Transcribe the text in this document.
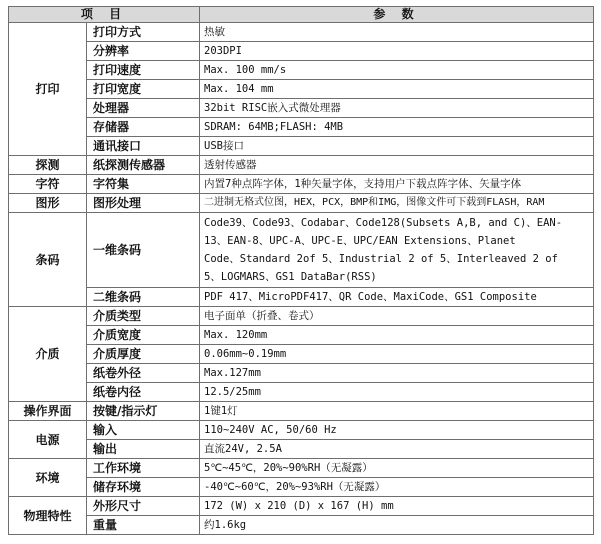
项 目		参 数
打印	打印方式	热敏
	分辨率	203DPI
	打印速度	Max. 100 mm/s
	打印宽度	Max. 104 mm
	处理器	32bit RISC嵌入式微处理器
	存储器	SDRAM: 64MB;FLASH: 4MB
	通讯接口	USB接口
探测	纸探测传感器	透射传感器
字符	字符集	内置7种点阵字体，1种矢量字体，支持用户下载点阵字体、矢量字体
图形	图形处理	二进制无格式位图，HEX，PCX，BMP和IMG，图像文件可下载到FLASH，RAM
条码	一维条码	Code39、Code93、Codabar、Code128(Subsets A,B, and C)、EAN-
13、EAN-8、UPC-A、UPC-E、UPC/EAN Extensions、Planet
Code、Standard 2of 5、Industrial 2 of 5、Interleaved 2 of
5、LOGMARS、GS1 DataBar(RSS)

	二维条码	PDF 417、MicroPDF417、QR Code、MaxiCode、GS1 Composite
介质	介质类型	电子面单（折叠、卷式）
	介质宽度	Max. 120mm
	介质厚度	0.06mm~0.19mm
	纸卷外径	Max.127mm
	纸卷内径	12.5/25mm
操作界面	按键/指示灯	1键1灯
电源	输入	110~240V AC, 50/60 Hz
	输出	直流24V, 2.5A
环境	工作环境	5℃~45℃，20%~90%RH（无凝露）
	储存环境	-40℃~60℃，20%~93%RH（无凝露）
物理特性	外形尺寸	172 (W) x 210 (D) x 167 (H) mm
	重量	约1.6kg
